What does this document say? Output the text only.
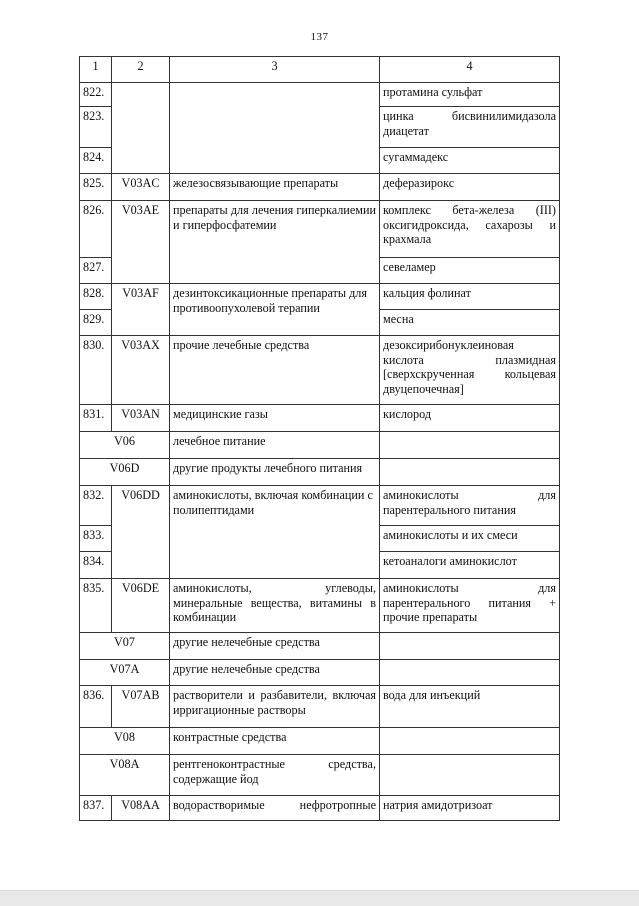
137
1	2	3	4
822.			протамина сульфат
823.			цинка бисвинилимидазола диацетат
824.			сугаммадекс
825.	V03AC	железосвязывающие препараты	деферазирокс
826.	V03AE	препараты для лечения гиперкалиемии и гиперфосфатемии	комплекс бета-железа (III) оксигидроксида, сахарозы и крахмала
827.			севеламер
828.	V03AF	дезинтоксикационные препараты для противоопухолевой терапии	кальция фолинат
829.			месна
830.	V03AX	прочие лечебные средства	дезоксирибонуклеиновая кислота плазмидная [сверхскрученная кольцевая двуцепочечная]
831.	V03AN	медицинские газы	кислород
V06		лечебное питание	
V06D		другие продукты лечебного питания	
832.	V06DD	аминокислоты, включая комбинации с полипептидами	аминокислоты для парентерального питания
833.			аминокислоты и их смеси
834.			кетоаналоги аминокислот
835.	V06DE	аминокислоты, углеводы, минеральные вещества, витамины в комбинации	аминокислоты для парентерального питания + прочие препараты
V07		другие нелечебные средства	
V07A		другие нелечебные средства	
836.	V07AB	растворители и разбавители, включая ирригационные растворы	вода для инъекций
V08		контрастные средства	
V08A		рентгеноконтрастные средства, содержащие йод	
837.	V08AA	водорастворимые нефротропные	натрия амидотризоат
